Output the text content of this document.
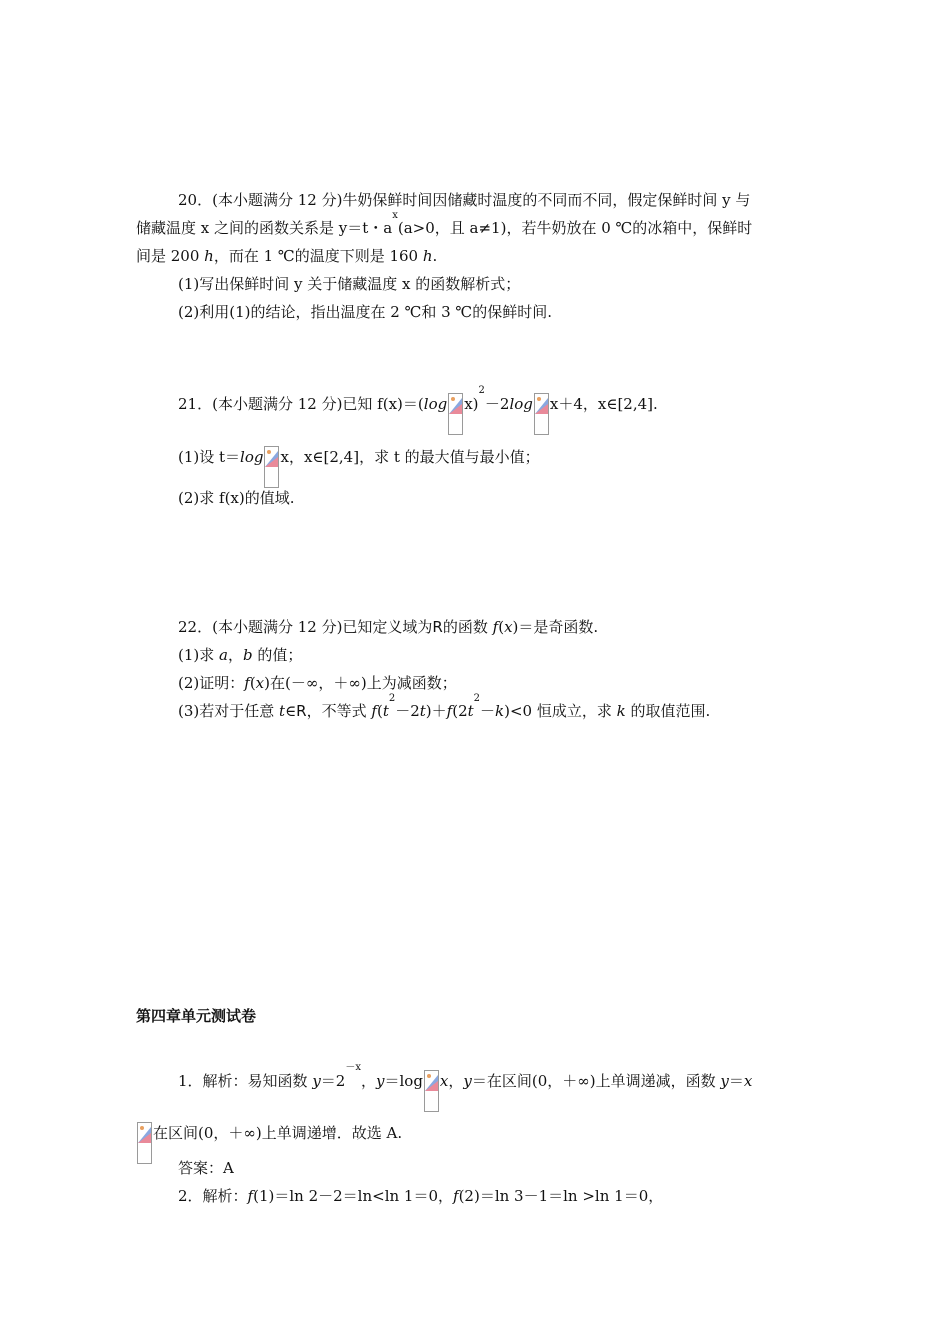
20．(本小题满分 12 分)牛奶保鲜时间因储藏时温度的不同而不同，假定保鲜时间 y 与
储藏温度 x 之间的函数关系是 y＝t・$a^x(a>0$，且 a≠1)，若牛奶放在 0 ℃的冰箱中，保鲜时
间是 200 h，而在 1 ℃的温度下则是 160 h.
(1)写出保鲜时间 y 关于储藏温度 x 的函数解析式；
(2)利用(1)的结论，指出温度在 2 ℃和 3 ℃的保鲜时间.
21．(本小题满分 12 分)已知 f(x)＝(log x)$^2$－2log x＋4，x∈[2,4].
(1)设 t＝log x，x∈[2,4]，求 t 的最大值与最小值；
(2)求 f(x)的值域.
22．(本小题满分 12 分)已知定义域为R的函数 f(x)＝是奇函数.
(1)求 a，b 的值；
(2)证明：f(x)在(－∞，＋∞)上为减函数；
(3)若对于任意 t∈R，不等式 $f(t^2-2t)+f(2t^2-k)<0$ 恒成立，求 k 的取值范围.
第四章单元测试卷
1．解析：易知函数 $y=2^{-x}$，y＝log x，y＝在区间(0，＋∞)上单调递减，函数 y＝x
在区间(0，＋∞)上单调递增．故选 A.
答案：A
2．解析：f(1)＝ln 2－2＝ln<ln 1＝0，f(2)＝ln 3－1＝ln >ln 1＝0，
